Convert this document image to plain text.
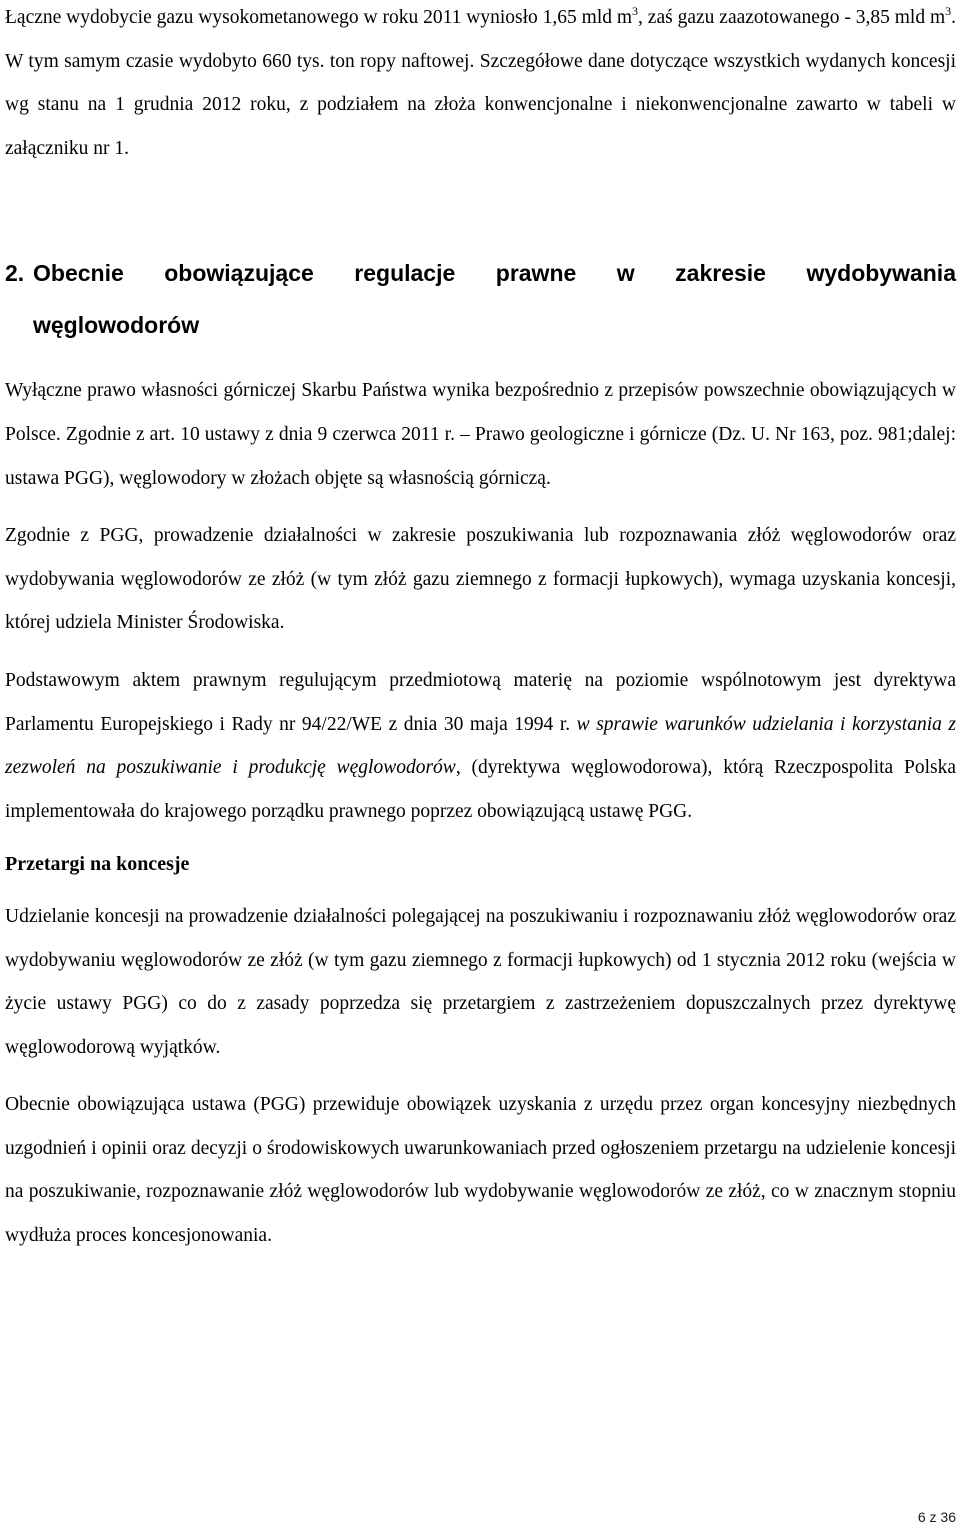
Łączne wydobycie gazu wysokometanowego w roku 2011 wyniosło 1,65 mld $m^3$, zaś gazu zaazotowanego - 3,85 mld $m^3$. W tym samym czasie wydobyto 660 tys. ton ropy naftowej. Szczegółowe dane dotyczące wszystkich wydanych koncesji wg stanu na 1 grudnia 2012 roku, z podziałem na złoża konwencjonalne i niekonwencjonalne zawarto w tabeli w załączniku nr 1.

2. Obecnie obowiązujące regulacje prawne w zakresie wydobywania
węglowodorów

Wyłączne prawo własności górniczej Skarbu Państwa wynika bezpośrednio z przepisów powszechnie obowiązujących w Polsce. Zgodnie z art. 10 ustawy z dnia 9 czerwca 2011 r. – Prawo geologiczne i górnicze (Dz. U. Nr 163, poz. 981;dalej: ustawa PGG), węglowodory w złożach objęte są własnością górniczą.

Zgodnie z PGG, prowadzenie działalności w zakresie poszukiwania lub rozpoznawania złóż węglowodorów oraz wydobywania węglowodorów ze złóż (w tym złóż gazu ziemnego z formacji łupkowych), wymaga uzyskania koncesji, której udziela Minister Środowiska.

Podstawowym aktem prawnym regulującym przedmiotową materię na poziomie wspólnotowym jest dyrektywa Parlamentu Europejskiego i Rady nr 94/22/WE z dnia 30 maja 1994 r. w sprawie warunków udzielania i korzystania z zezwoleń na poszukiwanie i produkcję węglowodorów, (dyrektywa węglowodorowa), którą Rzeczpospolita Polska implementowała do krajowego porządku prawnego poprzez obowiązującą ustawę PGG.

Przetargi na koncesje

Udzielanie koncesji na prowadzenie działalności polegającej na poszukiwaniu i rozpoznawaniu złóż węglowodorów oraz wydobywaniu węglowodorów ze złóż (w tym gazu ziemnego z formacji łupkowych) od 1 stycznia 2012 roku (wejścia w życie ustawy PGG) co do z zasady poprzedza się przetargiem z zastrzeżeniem dopuszczalnych przez dyrektywę węglowodorową wyjątków.

Obecnie obowiązująca ustawa (PGG) przewiduje obowiązek uzyskania z urzędu przez organ koncesyjny niezbędnych uzgodnień i opinii oraz decyzji o środowiskowych uwarunkowaniach przed ogłoszeniem przetargu na udzielenie koncesji na poszukiwanie, rozpoznawanie złóż węglowodorów lub wydobywanie węglowodorów ze złóż, co w znacznym stopniu wydłuża proces koncesjonowania.

6 z 36
